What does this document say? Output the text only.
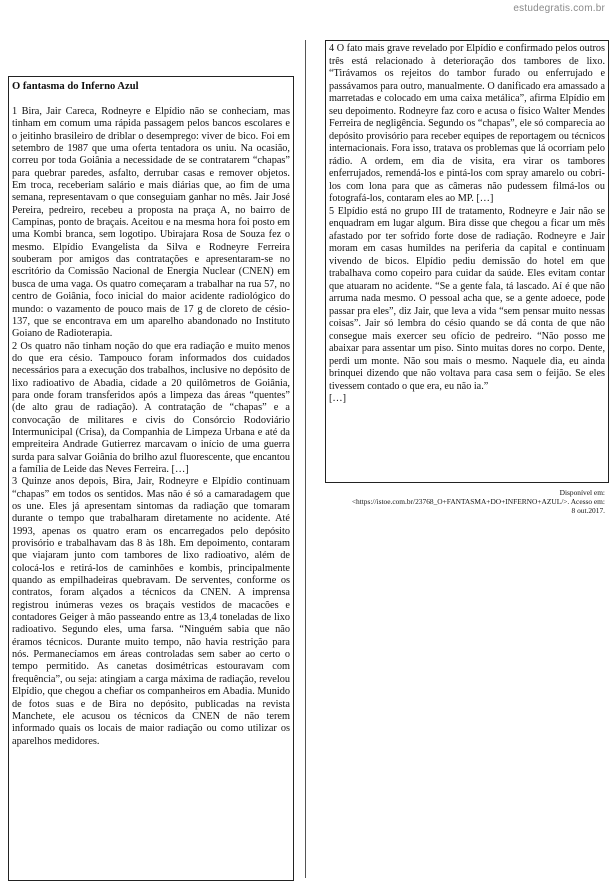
estudegratis.com.br
O fantasma do Inferno Azul

1 Bira, Jair Careca, Rodneyre e Elpídio não se conheciam, mas tinham em comum uma rápida passagem pelos bancos escolares e o jeitinho brasileiro de driblar o desemprego: viver de bico. Foi em setembro de 1987 que uma oferta tentadora os uniu. Na ocasião, correu por toda Goiânia a necessidade de se contratarem “chapas” para quebrar paredes, asfalto, derrubar casas e remover objetos. Em troca, receberiam salário e mais diárias que, ao fim de uma semana, representavam o que conseguiam ganhar no mês. Jair José Pereira, pedreiro, recebeu a proposta na praça A, no bairro de Campinas, ponto de braçais. Aceitou e na mesma hora foi posto em uma Kombi branca, sem logotipo. Ubirajara Rosa de Souza fez o mesmo. Elpídio Evangelista da Silva e Rodneyre Ferreira souberam por amigos das contratações e apresentaram-se no escritório da Comissão Nacional de Energia Nuclear (CNEN) em busca de uma vaga. Os quatro começaram a trabalhar na rua 57, no centro de Goiânia, foco inicial do maior acidente radiológico do mundo: o vazamento de pouco mais de 17 g de cloreto de césio-137, que se encontrava em um aparelho abandonado no Instituto Goiano de Radioterapia.

2 Os quatro não tinham noção do que era radiação e muito menos do que era césio. Tampouco foram informados dos cuidados necessários para a execução dos trabalhos, inclusive no depósito de lixo radioativo de Abadia, cidade a 20 quilômetros de Goiânia, para onde foram transferidos após a limpeza das áreas “quentes” (de alto grau de radiação). A contratação de “chapas” e a convocação de militares e civis do Consórcio Rodoviário Intermunicipal (Crisa), da Companhia de Limpeza Urbana e até da empreiteira Andrade Gutierrez marcavam o início de uma guerra surda para salvar Goiânia do brilho azul fluorescente, que encantou a família de Leide das Neves Ferreira. […]

3 Quinze anos depois, Bira, Jair, Rodneyre e Elpídio continuam “chapas” em todos os sentidos. Mas não é só a camaradagem que os une. Eles já apresentam sintomas da radiação que tomaram durante o tempo que trabalharam diretamente no acidente. Até 1993, apenas os quatro eram os encarregados pelo depósito provisório e trabalhavam das 8 às 18h. Em depoimento, contaram que viajaram junto com tambores de lixo radioativo, além de colocá-los e retirá-los de caminhões e kombis, principalmente quando as empilhadeiras quebravam. De serventes, conforme os contratos, foram alçados a técnicos da CNEN. A imprensa registrou inúmeras vezes os braçais vestidos de macacões e contadores Geiger à mão passeando entre as 13,4 toneladas de lixo radioativo. Segundo eles, uma farsa. “Ninguém sabia que não éramos técnicos. Durante muito tempo, não havia restrição para nós. Permanecíamos em áreas controladas sem saber ao certo o tempo permitido. As canetas dosimétricas estouravam com frequência”, ou seja: atingiam a carga máxima de radiação, revelou Elpídio, que chegou a chefiar os companheiros em Abadia. Munido de fotos suas e de Bira no depósito, publicadas na revista Manchete, ele acusou os técnicos da CNEN de não terem informado quais os locais de maior radiação ou como utilizar os aparelhos medidores.

4 O fato mais grave revelado por Elpídio e confirmado pelos outros três está relacionado à deterioração dos tambores de lixo. “Tirávamos os rejeitos do tambor furado ou enferrujado e passávamos para outro, manualmente. O danificado era amassado a marretadas e colocado em uma caixa metálica”, afirma Elpídio em seu depoimento. Rodneyre faz coro e acusa o físico Walter Mendes Ferreira de negligência. Segundo os “chapas”, ele só comparecia ao depósito provisório para receber equipes de reportagem ou técnicos internacionais. Fora isso, tratava os problemas que lá ocorriam pelo rádio. A ordem, em dia de visita, era virar os tambores enferrujados, remendá-los e pintá-los com spray amarelo ou cobri-los com lona para que as câmeras não pudessem filmá-los ou fotografá-los, contaram eles ao MP. […]

5 Elpídio está no grupo III de tratamento, Rodneyre e Jair não se enquadram em lugar algum. Bira disse que chegou a ficar um mês afastado por ter sofrido forte dose de radiação. Rodneyre e Jair moram em casas humildes na periferia da capital e continuam vivendo de bicos. Elpídio pediu demissão do hotel em que trabalhava como copeiro para cuidar da saúde. Eles evitam contar que atuaram no acidente. “Se a gente fala, tá lascado. Aí é que não arruma nada mesmo. O pessoal acha que, se a gente adoece, pode passar pra eles”, diz Jair, que leva a vida “sem pensar muito nessas coisas”. Jair só lembra do césio quando se dá conta de que não consegue mais exercer seu ofício de pedreiro. “Não posso me abaixar para assentar um piso. Sinto muitas dores no corpo. Dente, perdi um monte. Não sou mais o mesmo. Naquele dia, eu ainda brinquei dizendo que não voltava para casa sem o feijão. Se eles tivessem contado o que era, eu não ia.”

[…]

Disponível em:
<https://istoe.com.br/23768_O+FANTASMA+DO+INFERNO+AZUL/>. Acesso em:
8 out.2017.
